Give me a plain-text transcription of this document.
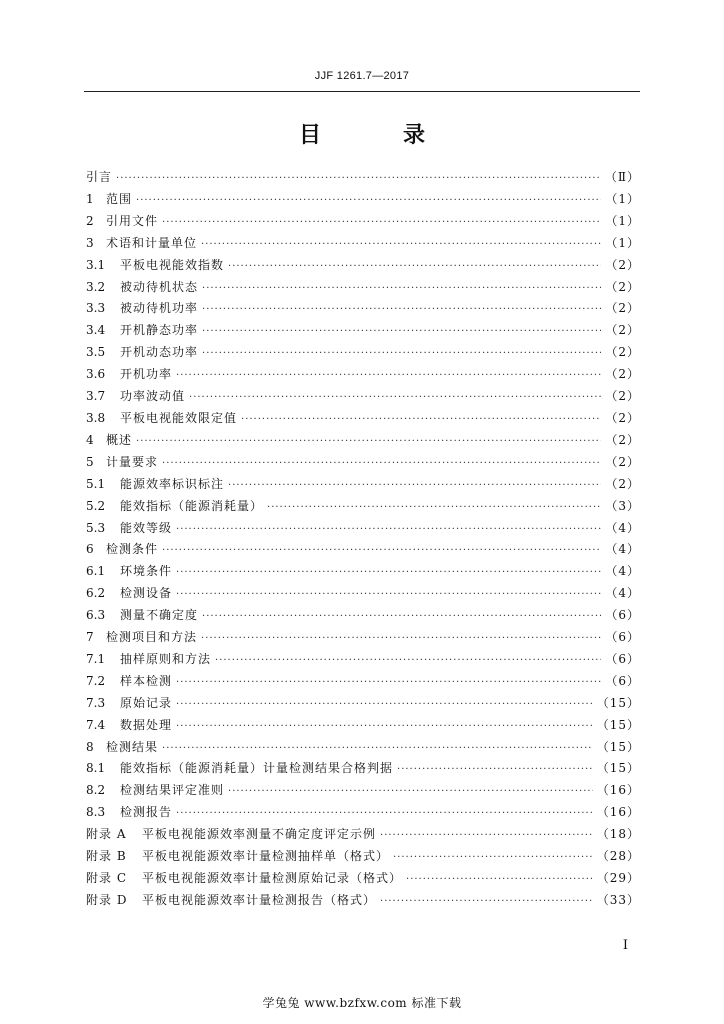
JJF 1261.7—2017
目　录
引言 ·····	（Ⅱ）
1	范围 ·····	（1）
2	引用文件 ·····	（1）
3	术语和计量单位 ·····	（1）
3.1	平板电视能效指数 ·····	（2）
3.2	被动待机状态 ·····	（2）
3.3	被动待机功率 ·····	（2）
3.4	开机静态功率 ·····	（2）
3.5	开机动态功率 ·····	（2）
3.6	开机功率 ·····	（2）
3.7	功率波动值 ·····	（2）
3.8	平板电视能效限定值 ·····	（2）
4	概述 ·····	（2）
5	计量要求 ·····	（2）
5.1	能源效率标识标注 ·····	（2）
5.2	能效指标（能源消耗量） ·····	（3）
5.3	能效等级 ·····	（4）
6	检测条件 ·····	（4）
6.1	环境条件 ·····	（4）
6.2	检测设备 ·····	（4）
6.3	测量不确定度 ·····	（6）
7	检测项目和方法 ·····	（6）
7.1	抽样原则和方法 ·····	（6）
7.2	样本检测 ·····	（6）
7.3	原始记录 ·····	（15）
7.4	数据处理 ·····	（15）
8	检测结果 ·····	（15）
8.1	能效指标（能源消耗量）计量检测结果合格判据 ·····	（15）
8.2	检测结果评定准则 ·····	（16）
8.3	检测报告 ·····	（16）
附录 A	平板电视能源效率测量不确定度评定示例 ·····	（18）
附录 B	平板电视能源效率计量检测抽样单（格式） ·····	（28）
附录 C	平板电视能源效率计量检测原始记录（格式） ·····	（29）
附录 D	平板电视能源效率计量检测报告（格式） ·····	（33）
I
学兔兔 www.bzfxw.com 标准下载
